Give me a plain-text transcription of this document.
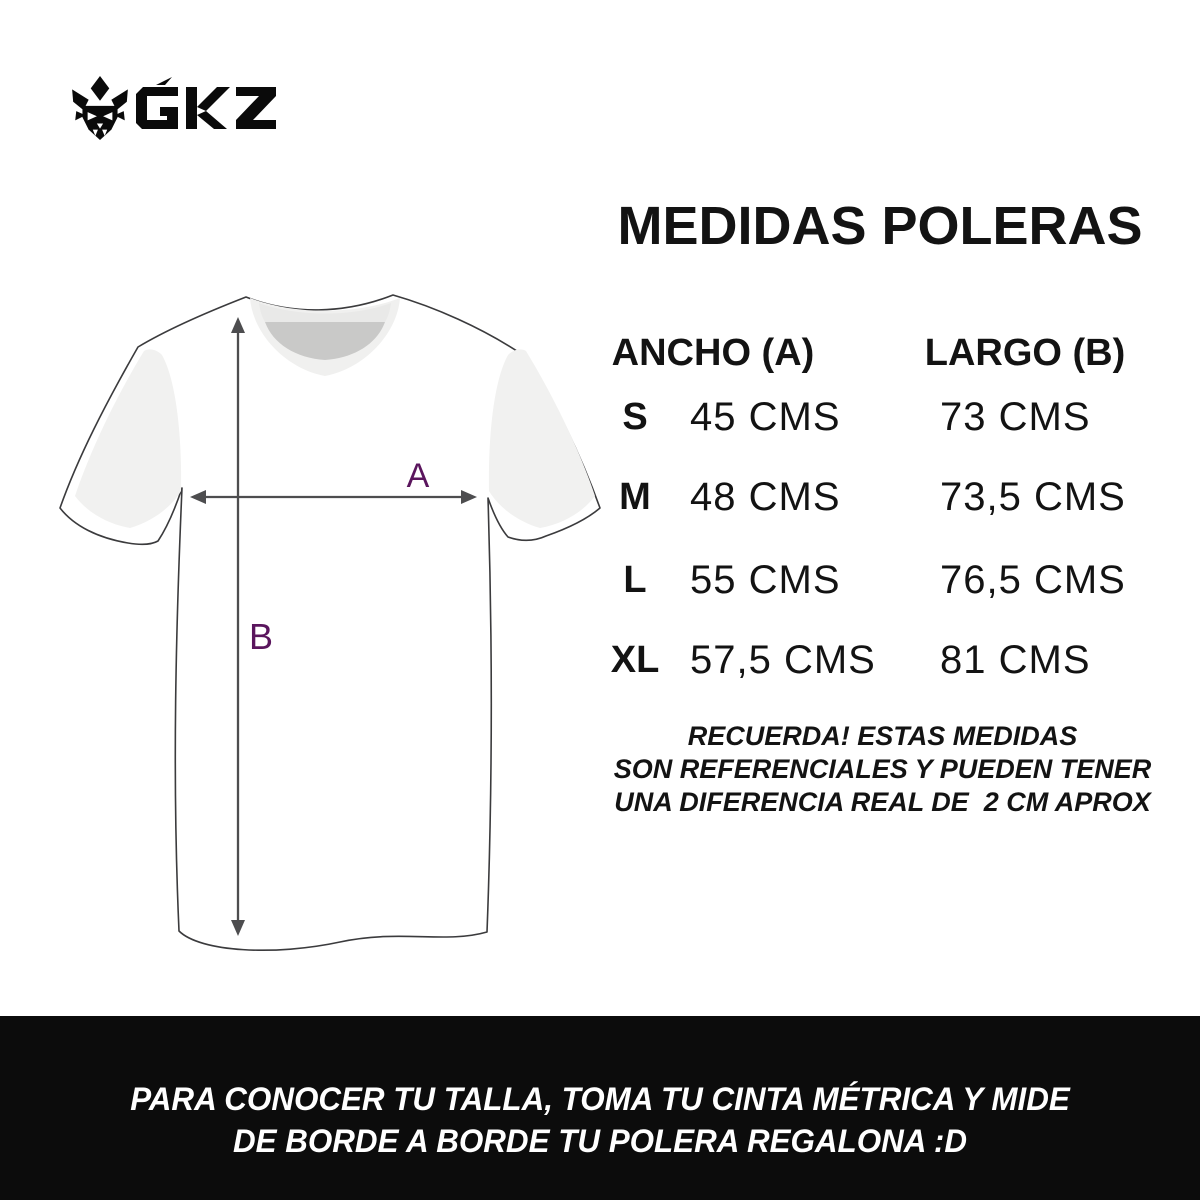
A
B
MEDIDAS POLERAS
ANCHO (A)	LARGO (B)
S	45 CMS	73 CMS
M 48 CMS	73,5 CMS
L	55 CMS	76,5 CMS
XL 57,5 CMS	81 CMS
RECUERDA! ESTAS MEDIDAS
SON REFERENCIALES Y PUEDEN TENER
UNA DIFERENCIA REAL DE  2 CM APROX
PARA CONOCER TU TALLA, TOMA TU CINTA MÉTRICA Y MIDE
DE BORDE A BORDE TU POLERA REGALONA :D
